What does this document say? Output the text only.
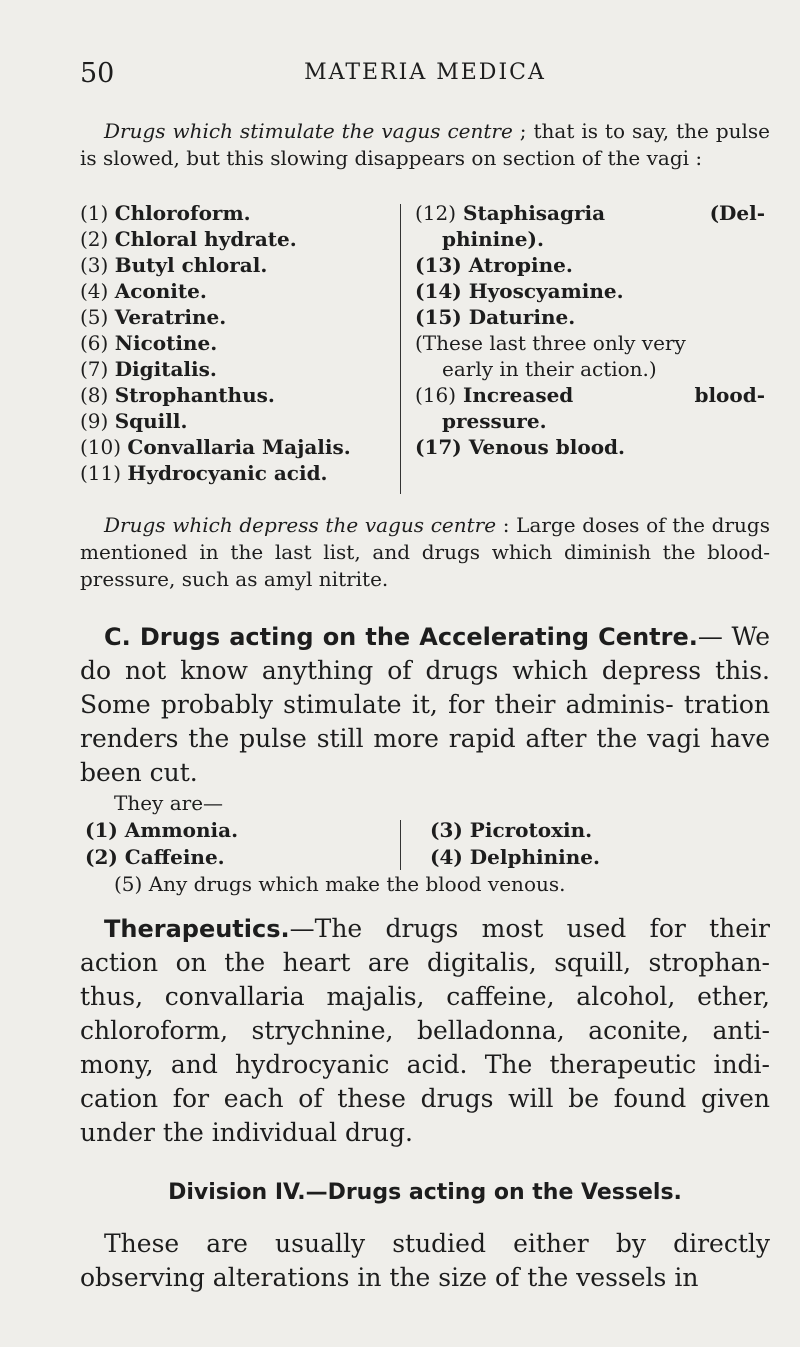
50	MATERIA MEDICA
Drugs which stimulate the vagus centre ; that is to say, the pulse is slowed, but this slowing disappears on section of the vagi :
(1) Chloroform.
(2) Chloral hydrate.
(3) Butyl chloral.
(4) Aconite.
(5) Veratrine.
(6) Nicotine.
(7) Digitalis.
(8) Strophanthus.
(9) Squill.
(10) Convallaria Majalis.
(11) Hydrocyanic acid.
(12) Staphisagria	(Del-
phinine).
(13) Atropine.
(14) Hyoscyamine.
(15) Daturine.
(These last three only very
early in their action.)
(16) Increased	blood-
pressure.
(17) Venous blood.
Drugs which depress the vagus centre : Large doses of the drugs mentioned in the last list, and drugs which diminish the blood-pressure, such as amyl nitrite.
C. Drugs acting on the Accelerating Centre.— We do not know anything of drugs which depress this. Some probably stimulate it, for their adminis- tration renders the pulse still more rapid after the vagi have been cut.
They are—
(1) Ammonia.
(2) Caffeine.
(3) Picrotoxin.
(4) Delphinine.
(5) Any drugs which make the blood venous.
Therapeutics.—The drugs most used for their action on the heart are digitalis, squill, strophan- thus, convallaria majalis, caffeine, alcohol, ether, chloroform, strychnine, belladonna, aconite, anti- mony, and hydrocyanic acid. The therapeutic indi- cation for each of these drugs will be found given under the individual drug.
Division IV.—Drugs acting on the Vessels.
These are usually studied either by directly observing alterations in the size of the vessels in
